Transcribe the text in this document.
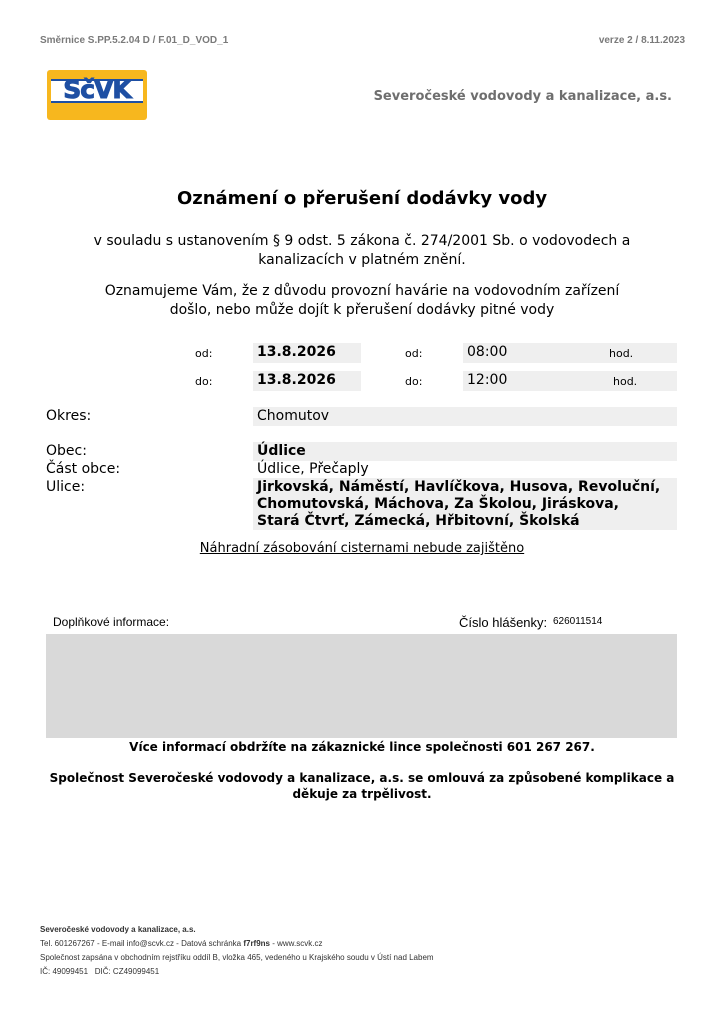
Směrnice S.PP.5.2.04 D / F.01_D_VOD_1	verze 2 / 8.11.2023
SčVK	Severočeské vodovody a kanalizace, a.s.
Oznámení o přerušení dodávky vody
v souladu s ustanovením § 9 odst. 5 zákona č. 274/2001 Sb. o vodovodech a
kanalizacích v platném znění.
Oznamujeme Vám, že z důvodu provozní havárie na vodovodním zařízení
došlo, nebo může dojít k přerušení dodávky pitné vody
od:	13.8.2026	od:	08:00	hod.
do:	13.8.2026	do:	12:00	hod.
Okres:	Chomutov
Obec:	Údlice
Část obce:	Údlice, Přečaply
Ulice:	Jirkovská, Náměstí, Havlíčkova, Husova, Revoluční,
Chomutovská, Máchova, Za Školou, Jiráskova,
Stará Čtvrť, Zámecká, Hřbitovní, Školská
Náhradní zásobování cisternami nebude zajištěno
Doplňkové informace:	Číslo hlášenky: 626011514
Více informací obdržíte na zákaznické lince společnosti 601 267 267.
Společnost Severočeské vodovody a kanalizace, a.s. se omlouvá za způsobené komplikace a
děkuje za trpělivost.
Severočeské vodovody a kanalizace, a.s.
Tel. 601267267 - E-mail info@scvk.cz - Datová schránka f7rf9ns - www.scvk.cz
Společnost zapsána v obchodním rejstříku oddíl B, vložka 465, vedeného u Krajského soudu v Ústí nad Labem
IČ: 49099451   DIČ: CZ49099451
